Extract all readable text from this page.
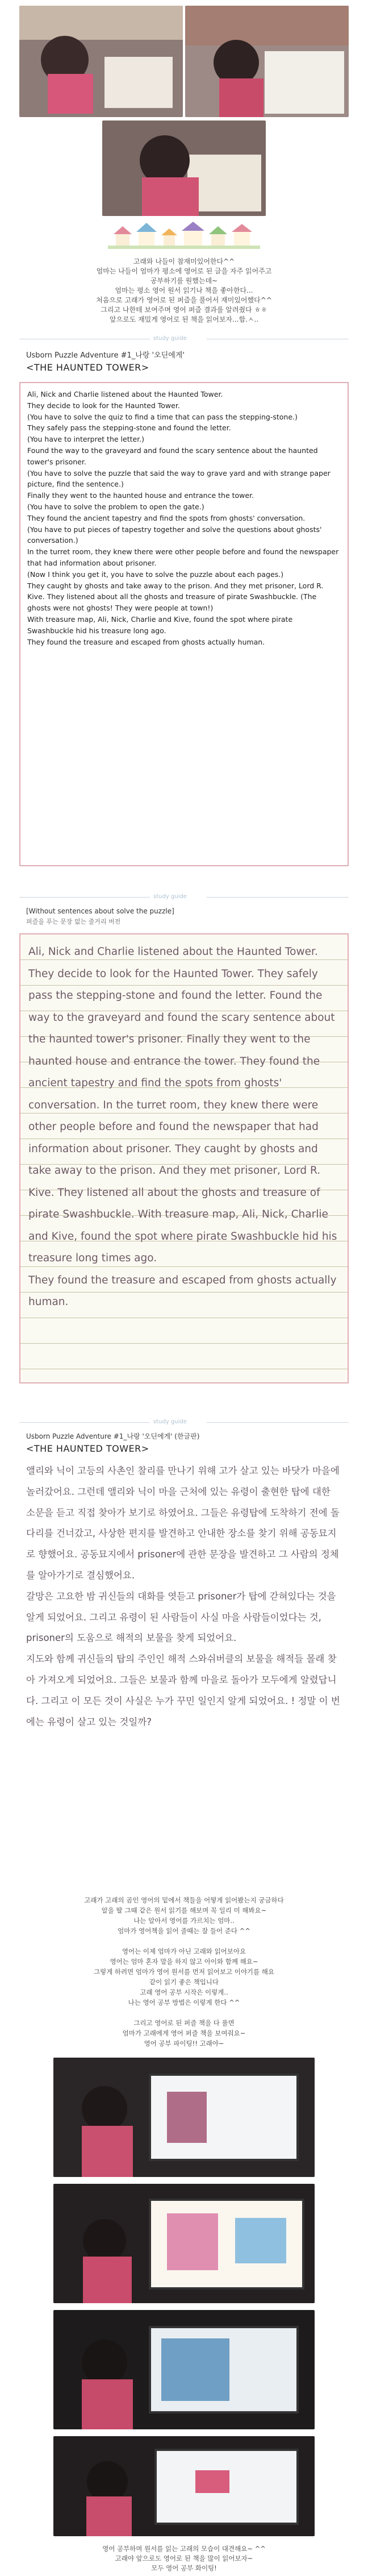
고래와 나들이 참재미있어한다^^

엄마는 나들이 엄마가 평소에 영어로 된 글을 자주 읽어주고

공부하기를 원했는데~

엄마는 평소 영어 원서 읽기나 책을 좋아한다...

처음으로 고래가 영어로 된 퍼즐을 풀어서 재미있어했다^^

그리고 나한테 보여주며 영어 퍼즐 결과를 알려줬다 ㅎㅎ

앞으로도 재밌게 영어로 된 책을 읽어보자...합.ㅅ..

study guide
Usborn Puzzle Adventure #1_나랑 '오딘에게'
<THE HAUNTED TOWER>

Ali, Nick and Charlie listened about the Haunted Tower.

They decide to look for the Haunted Tower.

(You have to solve the quiz to find a time that can pass the stepping-stone.)

They safely pass the stepping-stone and found the letter.

(You have to interpret the letter.)

Found the way to the graveyard and found the scary sentence about the haunted tower's prisoner.

(You have to solve the puzzle that said the way to grave yard and with strange paper picture, find the sentence.)

Finally they went to the haunted house and entrance the tower.

(You have to solve the problem to open the gate.)

They found the ancient tapestry and find the spots from ghosts' conversation.

(You have to put pieces of tapestry together and solve the questions about ghosts' conversation.)

In the turret room, they knew there were other people before and found the newspaper that had information about prisoner.

(Now I think you get it, you have to solve the puzzle about each pages.)

They caught by ghosts and take away to the prison. And they met prisoner, Lord R. Kive. They listened about all the ghosts and treasure of pirate Swashbuckle. (The ghosts were not ghosts! They were people at town!)

With treasure map, Ali, Nick, Charlie and Kive, found the spot where pirate Swashbuckle hid his treasure long ago.

They found the treasure and escaped from ghosts actually human.

study guide
[Without sentences about solve the puzzle]
퍼즐을 푸는 문장 없는 줄거리 버전

Ali, Nick and Charlie listened about the Haunted Tower. They decide to look for the Haunted Tower. They safely pass the stepping-stone and found the letter. Found the way to the graveyard and found the scary sentence about the haunted tower's prisoner. Finally they went to the haunted house and entrance the tower. They found the ancient tapestry and find the spots from ghosts' conversation. In the turret room, they knew there were other people before and found the newspaper that had information about prisoner. They caught by ghosts and take away to the prison. And they met prisoner, Lord R. Kive. They listened all about the ghosts and treasure of pirate Swashbuckle. With treasure map, Ali, Nick, Charlie and Kive, found the spot where pirate Swashbuckle hid his treasure long times ago.

They found the treasure and escaped from ghosts actually human.

study guide
Usborn Puzzle Adventure #1_나랑 '오딘에게' (한글판)
<THE HAUNTED TOWER>

앨리와 닉이 고등의 사촌인 찰리를 만나기 위해 고가 살고 있는 바닷가 마을에 놀러갔어요. 그런데 앨리와 닉이 마을 근처에 있는 유령이 출현한 탑에 대한 소문을 듣고 직접 찾아가 보기로 하였어요. 그들은 유령탑에 도착하기 전에 돌다리를 건너갔고, 사상한 편지를 발견하고 안내한 장소를 찾기 위해 공동묘지로 향했어요. 공동묘지에서 prisoner에 관한 문장을 발견하고 그 사람의 정체를 알아가기로 결심했어요.

갈망은 고요한 밤 귀신들의 대화를 엿듣고 prisoner가 탑에 갇혀있다는 것을 알게 되었어요. 그리고 유령이 된 사람들이 사실 마을 사람들이었다는 것, prisoner의 도움으로 해적의 보물을 찾게 되었어요.

지도와 함께 귀신들의 탑의 주인인 해적 스와쉬버클의 보물을 해적들 몰래 찾아 가져오게 되었어요. 그들은 보물과 함께 마을로 돌아가 모두에게 알렸답니다. 그리고 이 모든 것이 사실은 누가 꾸민 일인지 알게 되었어요. ! 정말 이 번에는 유령이 살고 있는 것일까?

고래가 고래의 곰인 영어의 밑에서 책들을 어떻게 읽어봤는지 궁금하다

알을 딸 그때 같은 원서 읽기를 해보며 꼭 일리 미 해봐요~

나는 알아서 영어를 가르치는 엄마..

엄마가 영어책을 읽어 줄때는 잘 들어 준다 ^^

영어는 이제 엄마가 아닌 고래와 읽어보아요

영어는 엄마 혼자 말을 하지 않고 아이와 함께 해요~

그렇게 하려면 엄마가 영어 원서를 먼저 읽어보고 이야기를 해요

같이 읽기 좋은 책입니다

고래 영어 공부 시작은 이렇게..

나는 영어 공부 방법은 이렇게 한다 ^^

그리고 영어로 된 퍼즐 책을 다 풀면

엄마가 고래에게 영어 퍼즐 책을 보여줘요~

영어 공부 파이팅!! 고래야~

영어 공부하며 원서를 읽는 고래의 모습이 대견해요~ ^^

고래야 앞으로도 영어로 된 책을 많이 읽어보자~

모두 영어 공부 화이팅!
